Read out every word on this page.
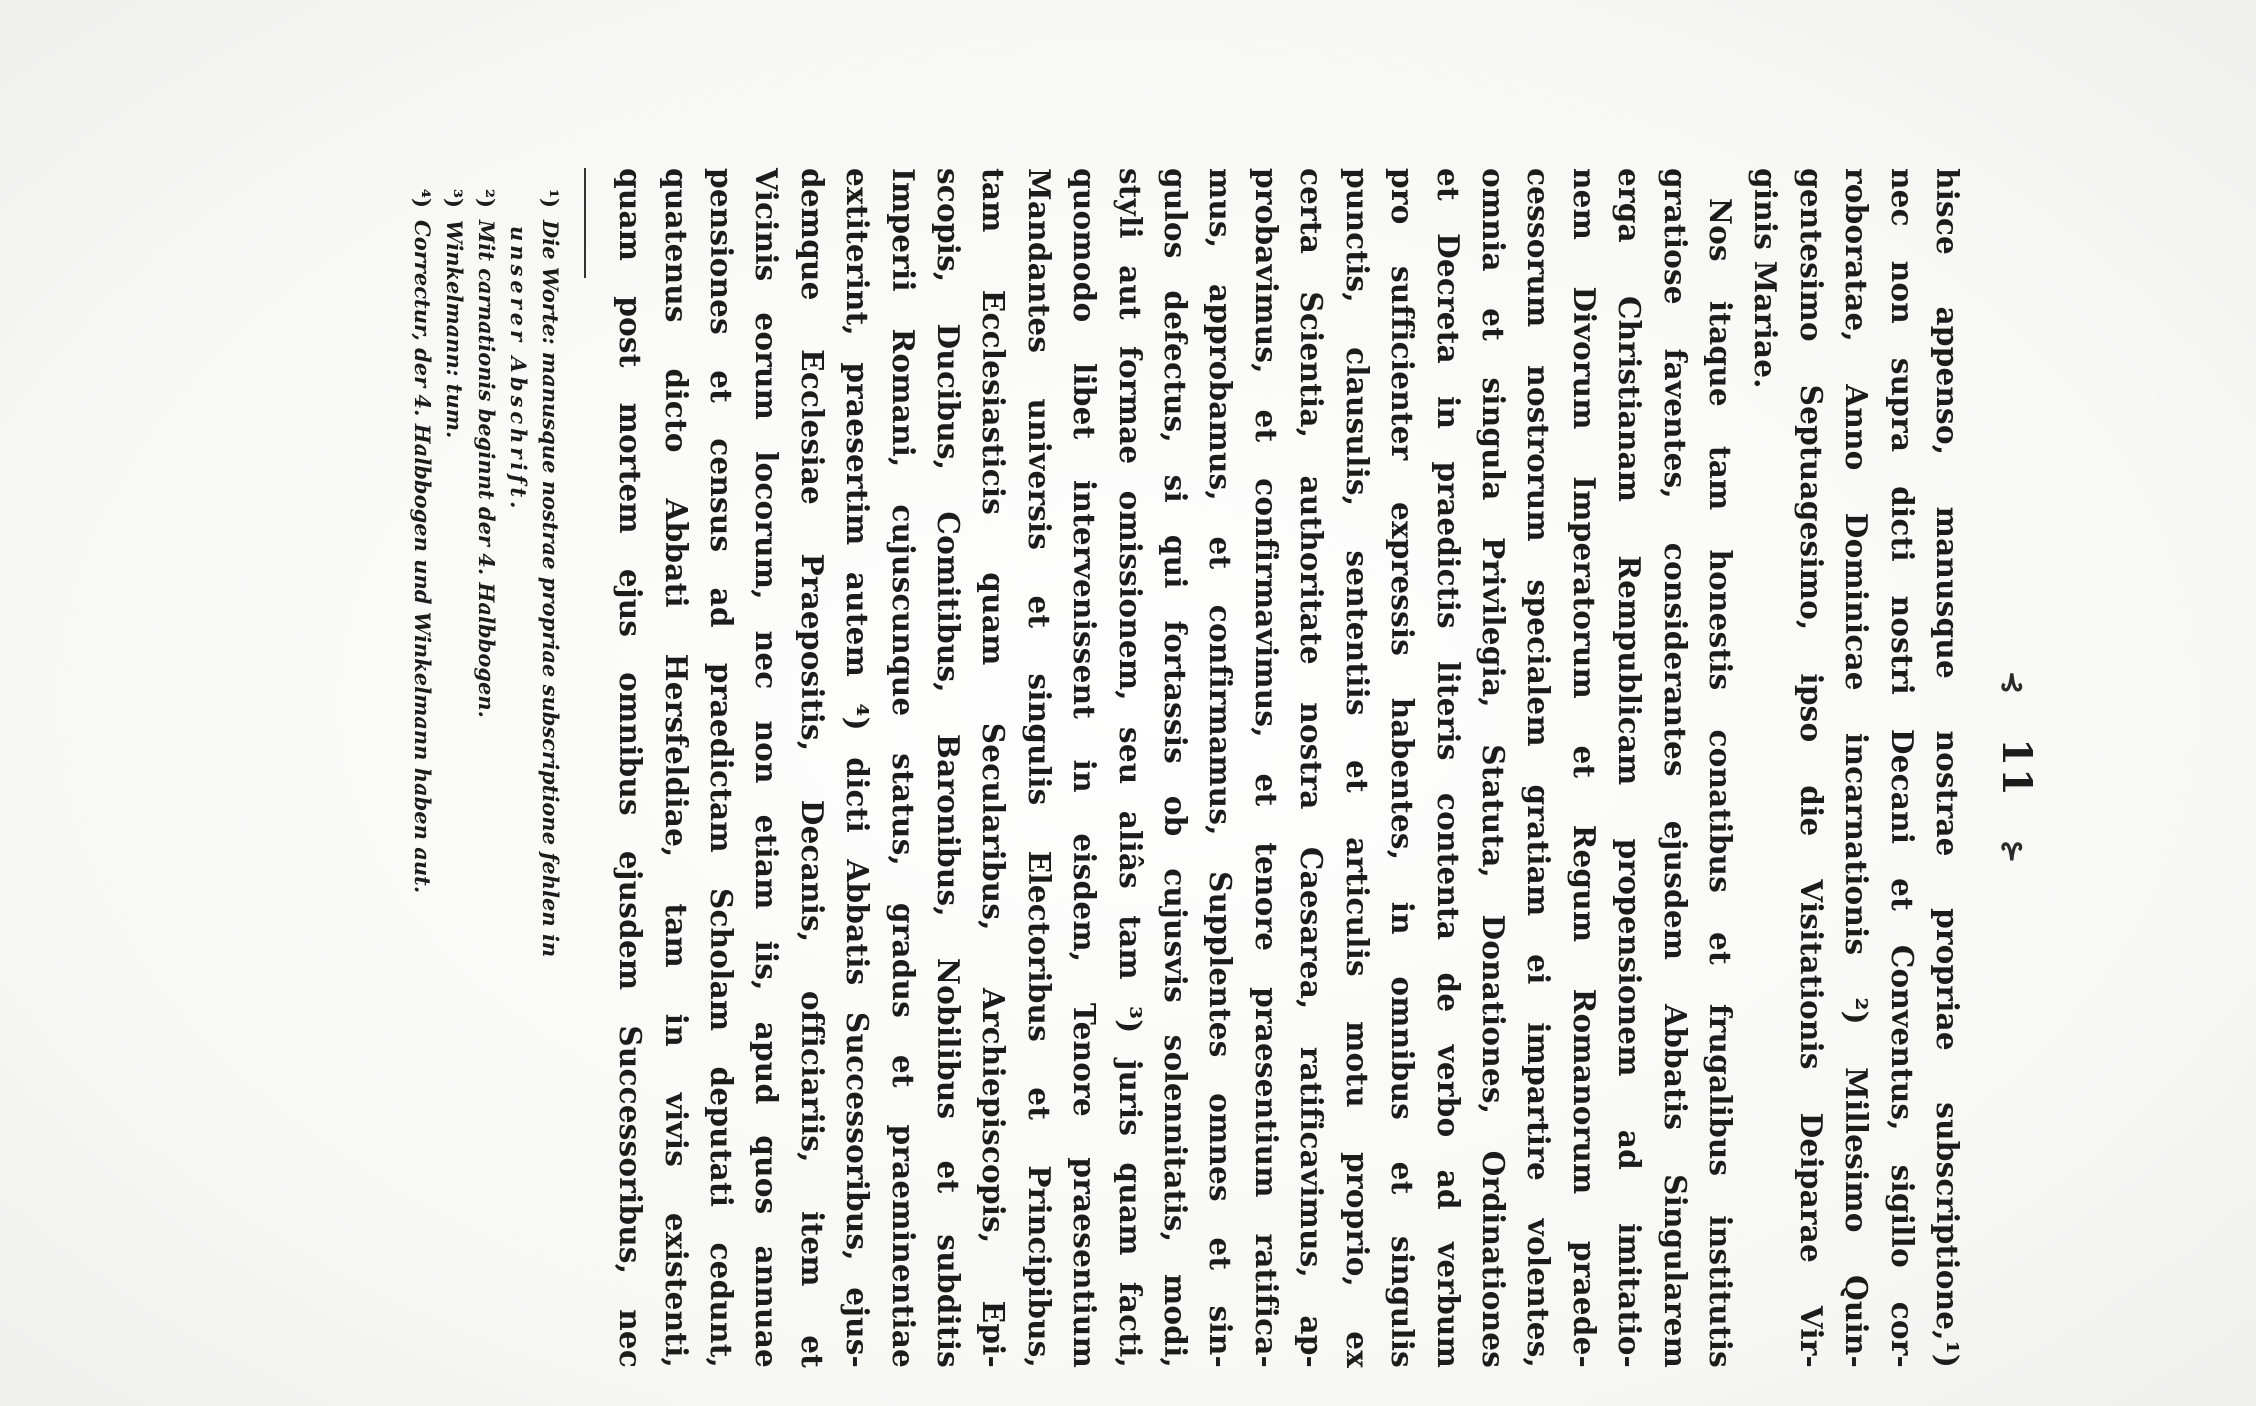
⊰ 11 ⊱
hisce appenso, manusque nostrae propriae subscriptione,¹)
nec non supra dicti nostri Decani et Conventus, sigillo cor-
roboratae, Anno Dominicae incarnationis ²) Millesimo Quin-
gentesimo Septuagesimo, ipso die Visitationis Deiparae Vir-
ginis Mariae.
Nos itaque tam honestis conatibus et frugalibus institutis
gratiose faventes, considerantes ejusdem Abbatis Singularem
erga Christianam Rempublicam propensionem ad imitatio-
nem Divorum Imperatorum et Regum Romanorum praede-
cessorum nostrorum specialem gratiam ei impartire volentes,
omnia et singula Privilegia, Statuta, Donationes, Ordinationes
et Decreta in praedictis literis contenta de verbo ad verbum
pro sufficienter expressis habentes, in omnibus et singulis
punctis, clausulis, sententiis et articulis motu proprio, ex
certa Scientia, authoritate nostra Caesarea, ratificavimus, ap-
probavimus, et confirmavimus, et tenore praesentium ratifica-
mus, approbamus, et confirmamus, Supplentes omnes et sin-
gulos defectus, si qui fortassis ob cujusvis solennitatis, modi,
styli aut formae omissionem, seu aliâs tam ³) juris quam facti,
quomodo libet intervenissent in eisdem, Tenore praesentium
Mandantes universis et singulis Electoribus et Principibus,
tam Ecclesiasticis quam Secularibus, Archiepiscopis, Epi-
scopis, Ducibus, Comitibus, Baronibus, Nobilibus et subditis
Imperii Romani, cujuscunque status, gradus et praeminentiae
extiterint, praesertim autem ⁴) dicti Abbatis Successoribus, ejus-
demque Ecclesiae Praepositis, Decanis, officiariis, item et
Vicinis eorum locorum, nec non etiam iis, apud quos annuae
pensiones et census ad praedictam Scholam deputati cedunt,
quatenus dicto Abbati Hersfeldiae, tam in vivis existenti,
quam post mortem ejus omnibus ejusdem Successoribus, nec
¹)Die Worte: manusque nostrae propriae subscriptione fehlen in
unserer Abschrift.
²)Mit carnationis beginnt der 4. Halbbogen.
³)Winkelmann: tum.
⁴)Correctur, der 4. Halbbogen und Winkelmann haben aut.
